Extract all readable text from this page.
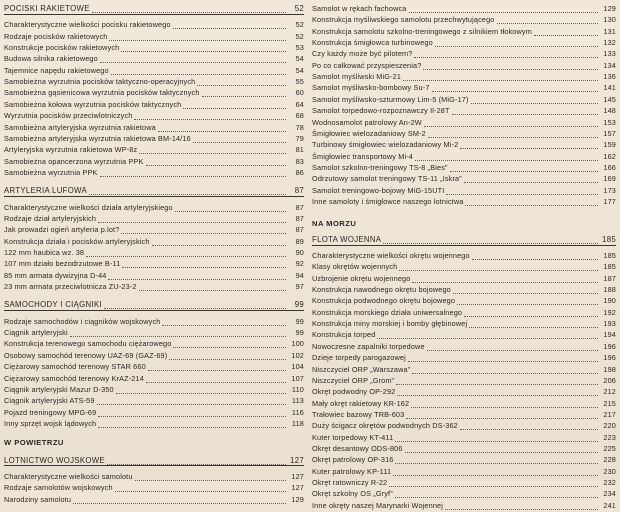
POCISKI RAKIETOWE	52
Charakterystyczne wielkości pocisku rakietowego	52
Rodzaje pocisków rakietowych	52
Konstrukcje pocisków rakietowych	53
Budowa silnika rakietowego	54
Tajemnice napędu rakietowego	54
Samobieżna wyrzutnia pocisków taktyczno-operacyjnych	55
Samobieżna gąsienicowa wyrzutnia pocisków taktycznych	60
Samobieżna kołowa wyrzutnia pocisków taktycznych	64
Wyrzutnia pocisków przeciwlotniczych	68
Samobieżna artyleryjska wyrzutnia rakietowa	78
Samobieżna artyleryjska wyrzutnia rakietowa BM-14/16	79
Artyleryjska wyrzutnia rakietowa WP-8z	81
Samobieżna opancerzona wyrzutnia PPK	83
Samobieżna wyrzutnia PPK	86
ARTYLERIA LUFOWA	87
Charakterystyczne wielkości działa artyleryjskiego	87
Rodzaje dział artyleryjskich	87
Jak prowadzi ogień artyleria p.lot?	87
Konstrukcja działa i pocisków artyleryjskich	89
122 mm haubica wz. 38	90
107 mm działo bezodrzutowe B-11	92
85 mm armata dywizyjna D-44	94
23 mm armata przeciwlotnicza ZU-23-2	97
SAMOCHODY I CIĄGNIKI	99
Rodzaje samochodów i ciągników wojskowych	99
Ciągnik artyleryjski	99
Konstrukcja terenowego samochodu ciężarowego	100
Osobowy samochód terenowy UAZ-69 (GAZ-69)	102
Ciężarowy samochód terenowy STAR 660	104
Ciężarowy samochód terenowy KrAZ-214	107
Ciągnik artyleryjski Mazur D-350	110
Ciągnik artyleryjski ATS-59	113
Pojazd treningowy MPG-69	116
Inny sprzęt wojsk lądowych	118
W POWIETRZU
LOTNICTWO WOJSKOWE	127
Charakterystyczne wielkości samolotu	127
Rodzaje samolotów wojskowych	127
Narodziny samolotu	129
Samolot w rękach fachowca	129
Konstrukcja myśliwskiego samolotu przechwytującego	130
Konstrukcja samolotu szkolno-treningowego z silnikiem tłokowym	131
Konstrukcja śmigłowca turbinowego	132
Czy każdy może być pilotem?	133
Po co całkować przyspieszenia?	134
Samolot myśliwski MiG-21	136
Samolot myśliwsko-bombowy Su-7	141
Samolot myśliwsko-szturmowy Lim-5 (MiG-17)	145
Samolot torpedowo-rozpoznawczy Il-28T	148
Wodnosamolot patrolowy An-2W	153
Śmigłowiec wielozadaniowy SM-2	157
Turbinowy śmigłowiec wielozadaniowy Mi-2	159
Śmigłowiec transportowy Mi-4	162
Samolot szkolno-treningowy TS-8 „Bies”	166
Odrzutowy samolot treningowy TS-11 „Iskra”	169
Samolot treningowo-bojowy MiG-15UTI	173
Inne samoloty i śmigłowce naszego lotnictwa	177
NA MORZU
FLOTA WOJENNA	185
Charakterystyczne wielkości okrętu wojennego	185
Klasy okrętów wojennych	185
Uzbrojenie okrętu wojennego	187
Konstrukcja nawodnego okrętu bojowego	188
Konstrukcja podwodnego okrętu bojowego	190
Konstrukcja morskiego działa uniwersalnego	192
Konstrukcja miny morskiej i bomby głębinowej	193
Konstrukcja torped	194
Nowoczesne zapalniki torpedowe	196
Dzieje torpedy parogazowej	196
Niszczyciel ORP „Warszawa”	198
Niszczyciel ORP „Grom”	206
Okręt podwodny OP-292	212
Mały okręt rakietowy KR-162	215
Trałowiec bazowy TRB-603	217
Duży ścigacz okrętów podwodnych DS-362	220
Kuter torpedowy KT-411	223
Okręt desantowy ODS-806	225
Okręt patrolowy OP-316	228
Kuter patrolowy KP-111	230
Okręt ratowniczy R-22	232
Okręt szkolny OS „Gryf”	234
Inne okręty naszej Marynarki Wojennej	241
